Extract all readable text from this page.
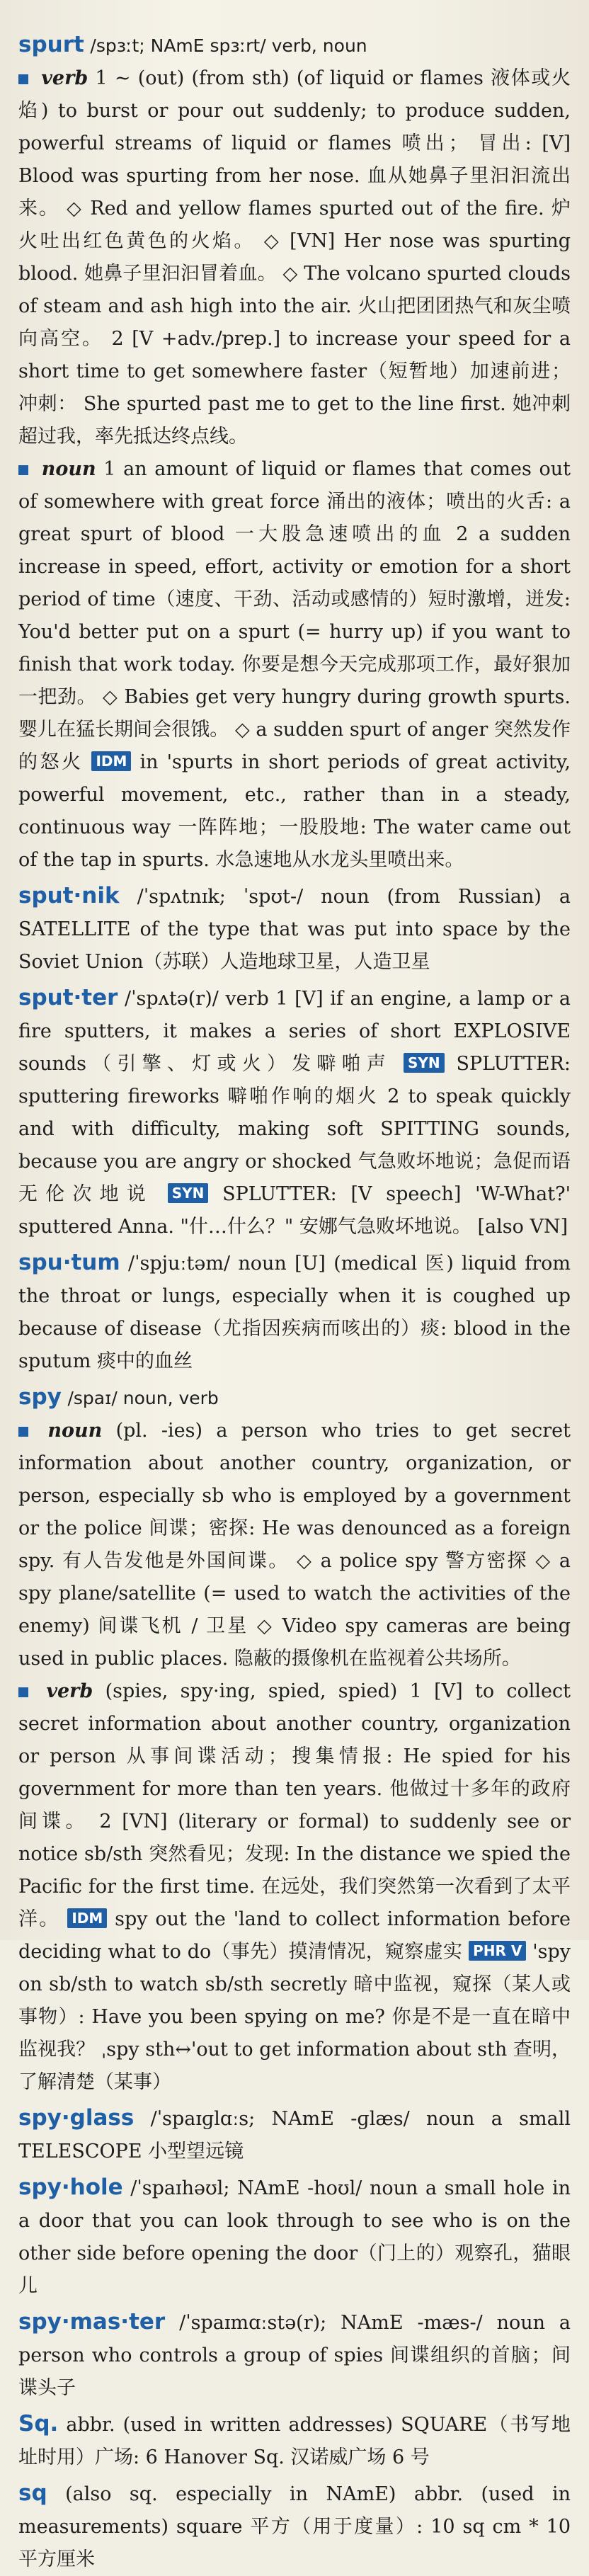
spurt /spɜːt; NAmE spɜːrt/ verb, noun
verb 1 ~ (out) (from sth) (of liquid or flames 液体或火焰) to burst or pour out suddenly; to produce sudden, powerful streams of liquid or flames 喷出； 冒出: [V] Blood was spurting from her nose. 血从她鼻子里汩汩流出来。 ◇ Red and yellow flames spurted out of the fire. 炉火吐出红色黄色的火焰。 ◇ [VN] Her nose was spurting blood. 她鼻子里汩汩冒着血。 ◇ The volcano spurted clouds of steam and ash high into the air. 火山把团团热气和灰尘喷向高空。 2 [V +adv./prep.] to increase your speed for a short time to get somewhere faster（短暂地）加速前进；冲刺： She spurted past me to get to the line first. 她冲刺超过我，率先抵达终点线。
noun 1 an amount of liquid or flames that comes out of somewhere with great force 涌出的液体；喷出的火舌: a great spurt of blood 一大股急速喷出的血 2 a sudden increase in speed, effort, activity or emotion for a short period of time（速度、干劲、活动或感情的）短时激增，迸发: You'd better put on a spurt (= hurry up) if you want to finish that work today. 你要是想今天完成那项工作，最好狠加一把劲。 ◇ Babies get very hungry during growth spurts. 婴儿在猛长期间会很饿。 ◇ a sudden spurt of anger 突然发作的怒火 IDM in 'spurts in short periods of great activity, powerful movement, etc., rather than in a steady, continuous way 一阵阵地；一股股地: The water came out of the tap in spurts. 水急速地从水龙头里喷出来。
sput·nik /ˈspʌtnɪk; ˈspʊt-/ noun (from Russian) a SATELLITE of the type that was put into space by the Soviet Union（苏联）人造地球卫星，人造卫星
sput·ter /ˈspʌtə(r)/ verb 1 [V] if an engine, a lamp or a fire sputters, it makes a series of short EXPLOSIVE sounds（引擎、灯或火）发噼啪声 SYN SPLUTTER: sputtering fireworks 噼啪作响的烟火 2 to speak quickly and with difficulty, making soft SPITTING sounds, because you are angry or shocked 气急败坏地说；急促而语无伦次地说 SYN SPLUTTER: [V speech] 'W-What?' sputtered Anna. "什…什么？" 安娜气急败坏地说。 [also VN]
spu·tum /ˈspjuːtəm/ noun [U] (medical 医) liquid from the throat or lungs, especially when it is coughed up because of disease（尤指因疾病而咳出的）痰: blood in the sputum 痰中的血丝
spy /spaɪ/ noun, verb
noun (pl. -ies) a person who tries to get secret information about another country, organization, or person, especially sb who is employed by a government or the police 间谍；密探: He was denounced as a foreign spy. 有人告发他是外国间谍。 ◇ a police spy 警方密探 ◇ a spy plane/satellite (= used to watch the activities of the enemy) 间谍飞机 / 卫星 ◇ Video spy cameras are being used in public places. 隐蔽的摄像机在监视着公共场所。
verb (spies, spy·ing, spied, spied) 1 [V] to collect secret information about another country, organization or person 从事间谍活动；搜集情报: He spied for his government for more than ten years. 他做过十多年的政府间谍。 2 [VN] (literary or formal) to suddenly see or notice sb/sth 突然看见；发现: In the distance we spied the Pacific for the first time. 在远处，我们突然第一次看到了太平洋。 IDM spy out the 'land to collect information before deciding what to do（事先）摸清情况，窥察虚实 PHR V 'spy on sb/sth to watch sb/sth secretly 暗中监视，窥探（某人或事物）: Have you been spying on me? 你是不是一直在暗中监视我？ ˌspy sth↔'out to get information about sth 查明，了解清楚（某事）
spy·glass /ˈspaɪɡlɑːs; NAmE -ɡlæs/ noun a small TELESCOPE 小型望远镜
spy·hole /ˈspaɪhəʊl; NAmE -hoʊl/ noun a small hole in a door that you can look through to see who is on the other side before opening the door（门上的）观察孔，猫眼儿
spy·mas·ter /ˈspaɪmɑːstə(r); NAmE -mæs-/ noun a person who controls a group of spies 间谍组织的首脑；间谍头子
Sq. abbr. (used in written addresses) SQUARE（书写地址时用）广场: 6 Hanover Sq. 汉诺威广场 6 号
sq (also sq. especially in NAmE) abbr. (used in measurements) square 平方（用于度量）: 10 sq cm * 10 平方厘米
